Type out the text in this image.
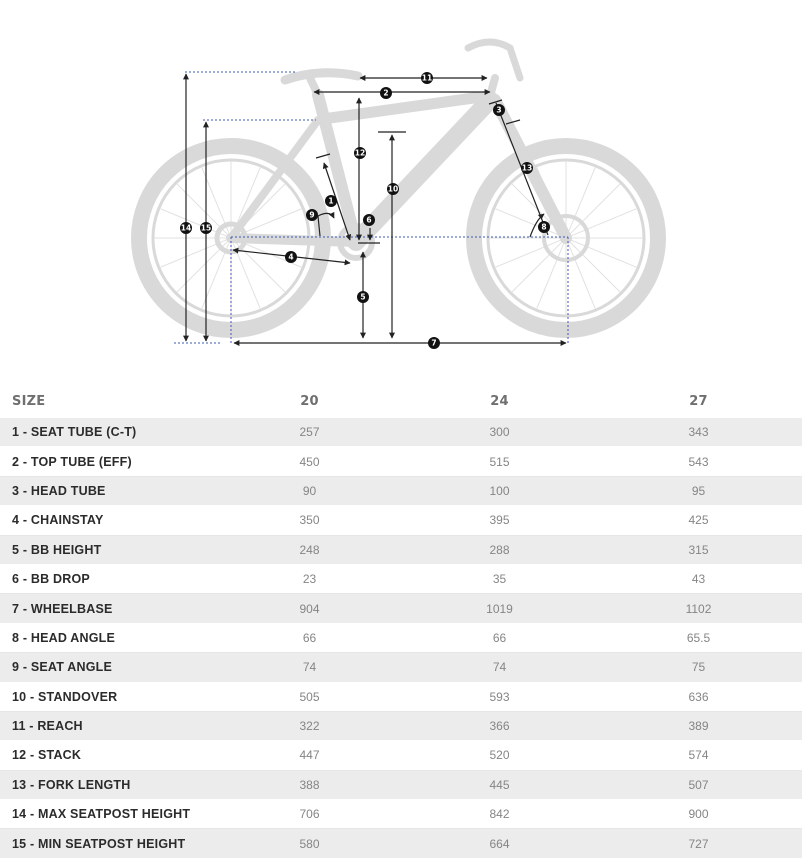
1
2
3
4
5
6
7
8
9
10
11
12
13
14 15
SIZE	20	24	27
1 - SEAT TUBE (C-T)	257	300	343
2 - TOP TUBE (EFF)	450	515	543
3 - HEAD TUBE	90	100	95
4 - CHAINSTAY	350	395	425
5 - BB HEIGHT	248	288	315
6 - BB DROP	23	35	43
7 - WHEELBASE	904	1019	1102
8 - HEAD ANGLE	66	66	65.5
9 - SEAT ANGLE	74	74	75
10 - STANDOVER	505	593	636
11 - REACH	322	366	389
12 - STACK	447	520	574
13 - FORK LENGTH	388	445	507
14 - MAX SEATPOST HEIGHT	706	842	900
15 - MIN SEATPOST HEIGHT	580	664	727
